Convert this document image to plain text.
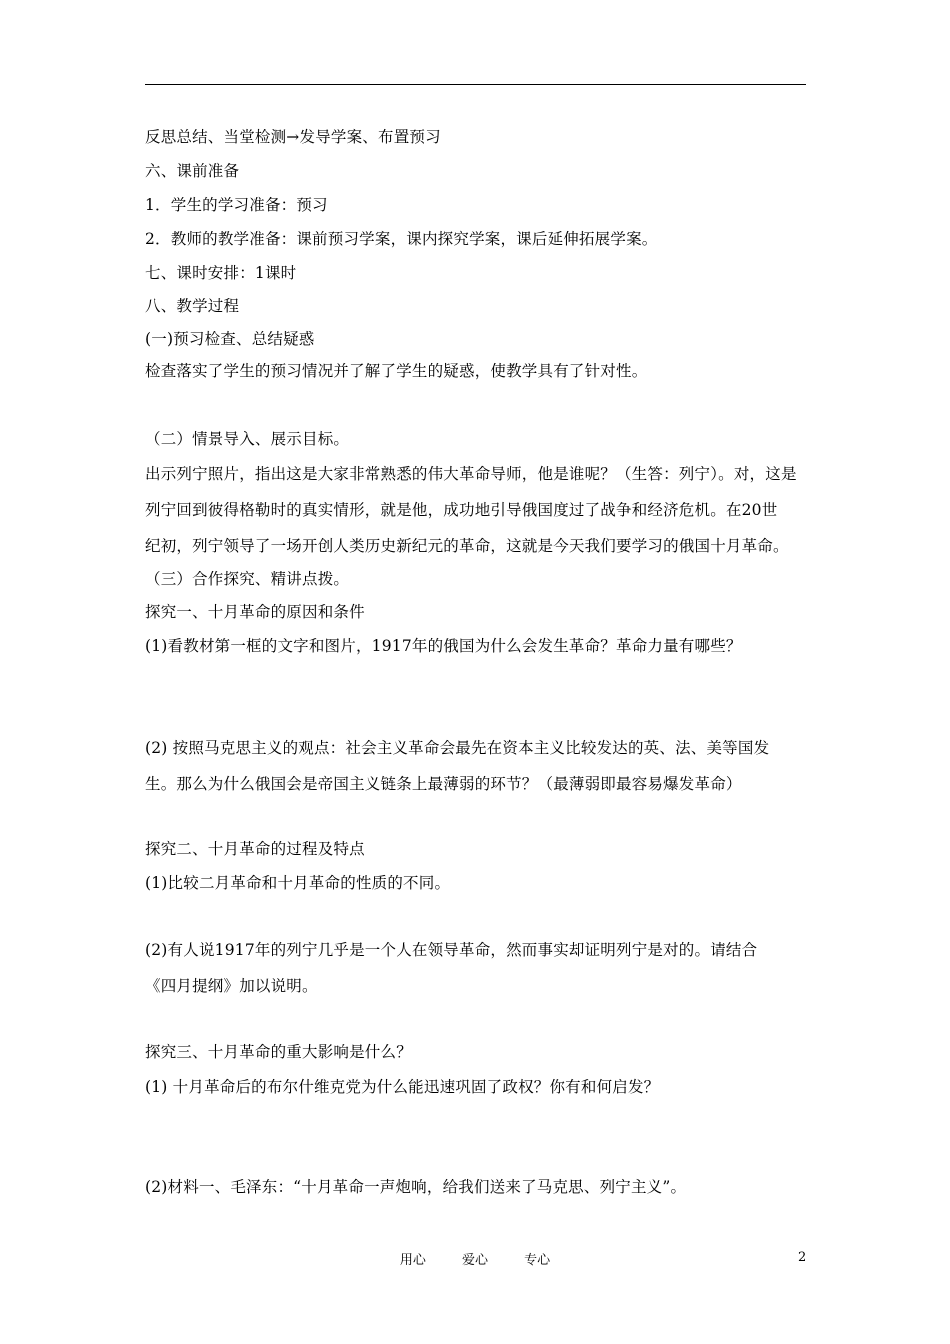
反思总结、当堂检测→发导学案、布置预习
六、课前准备
1．学生的学习准备：预习
2．教师的教学准备：课前预习学案，课内探究学案，课后延伸拓展学案。
七、课时安排：1课时
八、教学过程
(一)预习检查、总结疑惑
检查落实了学生的预习情况并了解了学生的疑惑，使教学具有了针对性。
（二）情景导入、展示目标。
出示列宁照片，指出这是大家非常熟悉的伟大革命导师，他是谁呢？（生答：列宁）。对，这是
列宁回到彼得格勒时的真实情形，就是他，成功地引导俄国度过了战争和经济危机。在20世
纪初，列宁领导了一场开创人类历史新纪元的革命，这就是今天我们要学习的俄国十月革命。
（三）合作探究、精讲点拨。
探究一、十月革命的原因和条件
(1)看教材第一框的文字和图片，1917年的俄国为什么会发生革命？革命力量有哪些？
(2) 按照马克思主义的观点：社会主义革命会最先在资本主义比较发达的英、法、美等国发
生。那么为什么俄国会是帝国主义链条上最薄弱的环节？（最薄弱即最容易爆发革命）
探究二、十月革命的过程及特点
(1)比较二月革命和十月革命的性质的不同。
(2)有人说1917年的列宁几乎是一个人在领导革命，然而事实却证明列宁是对的。请结合
《四月提纲》加以说明。
探究三、十月革命的重大影响是什么？
(1) 十月革命后的布尔什维克党为什么能迅速巩固了政权？你有和何启发？
(2)材料一、毛泽东：“十月革命一声炮响，给我们送来了马克思、列宁主义”。
用心	爱心	专心	2
